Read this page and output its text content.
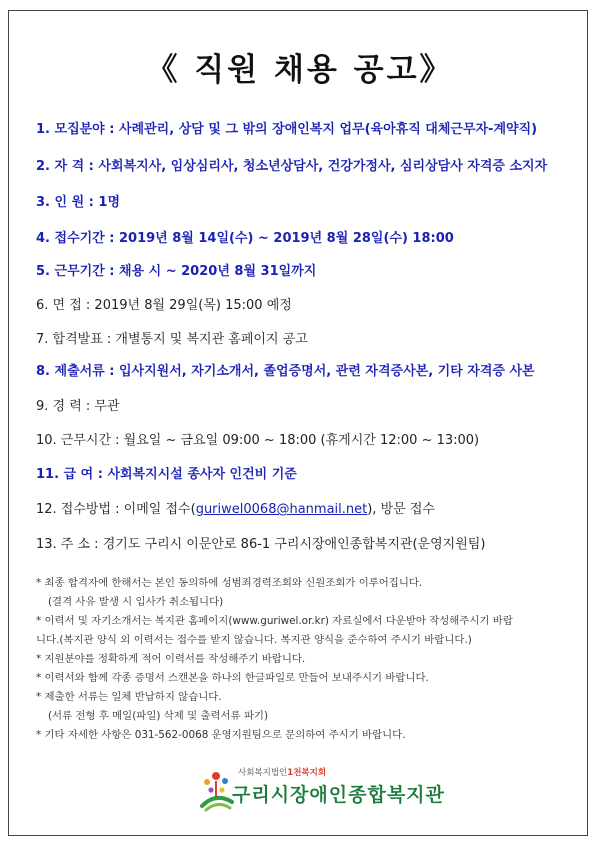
《 직원 채용 공고》
1. 모집분야 : 사례관리, 상담 및 그 밖의 장애인복지 업무(육아휴직 대체근무자-계약직)
2. 자 격 : 사회복지사, 임상심리사, 청소년상담사, 건강가정사, 심리상담사 자격증 소지자
3. 인 원 : 1명
4. 접수기간 : 2019년 8월 14일(수) ~ 2019년 8월 28일(수) 18:00
5. 근무기간 : 채용 시 ~ 2020년 8월 31일까지
6. 면 접 : 2019년 8월 29일(목) 15:00 예정
7. 합격발표 : 개별통지 및 복지관 홈페이지 공고
8. 제출서류 : 입사지원서, 자기소개서, 졸업증명서, 관련 자격증사본, 기타 자격증 사본
9. 경 력 : 무관
10. 근무시간 : 월요일 ~ 금요일 09:00 ~ 18:00 (휴게시간 12:00 ~ 13:00)
11. 급 여 : 사회복지시설 종사자 인건비 기준
12. 접수방법 : 이메일 접수(guriwel0068@hanmail.net), 방문 접수
13. 주 소 : 경기도 구리시 이문안로 86-1 구리시장애인종합복지관(운영지원팀)
* 최종 합격자에 한해서는 본인 동의하에 성범죄경력조회와 신원조회가 이루어집니다.
(결격 사유 발생 시 입사가 취소됩니다)
* 이력서 및 자기소개서는 복지관 홈페이지(www.guriwel.or.kr) 자료실에서 다운받아 작성해주시기 바랍
니다.(복지관 양식 외 이력서는 접수를 받지 않습니다. 복지관 양식을 준수하여 주시기 바랍니다.)
* 지원분야를 정확하게 적어 이력서를 작성해주기 바랍니다.
* 이력서와 함께 각종 증명서 스캔본을 하나의 한글파일로 만들어 보내주시기 바랍니다.
* 제출한 서류는 일체 반납하지 않습니다.
(서류 전형 후 메일(파일) 삭제 및 출력서류 파기)
* 기타 자세한 사항은 031-562-0068 운영지원팀으로 문의하여 주시기 바랍니다.
사회복지법인1천복지회
구리시장애인종합복지관
